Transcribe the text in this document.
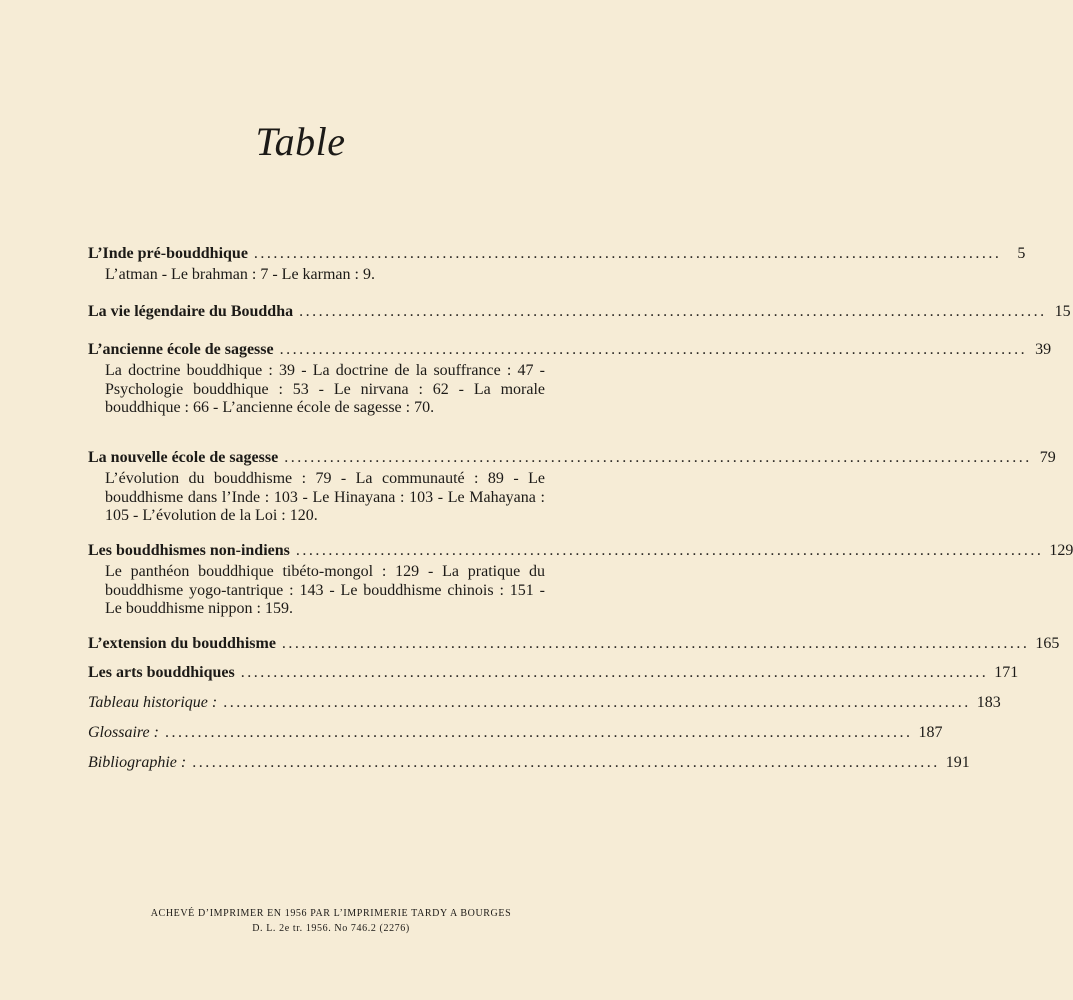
Table
L’Inde pré-bouddhique ...................................................................................................................	5
L’atman - Le brahman : 7 - Le karman : 9.
La vie légendaire du Bouddha ................................................................................................................... 15
L’ancienne école de sagesse ................................................................................................................... 39
La doctrine bouddhique : 39 - La doctrine de la souffrance : 47 - Psychologie bouddhique : 53 - Le nirvana : 62 - La morale bouddhique : 66 - L’ancienne école de sagesse : 70.
La nouvelle école de sagesse ................................................................................................................... 79
L’évolution du bouddhisme : 79 - La communauté : 89 - Le bouddhisme dans l’Inde : 103 - Le Hinayana : 103 - Le Mahayana : 105 - L’évolution de la Loi : 120.
Les bouddhismes non-indiens ................................................................................................................... 129
Le panthéon bouddhique tibéto-mongol : 129 - La pratique du bouddhisme yogo-tantrique : 143 - Le bouddhisme chinois : 151 - Le bouddhisme nippon : 159.
L’extension du bouddhisme ................................................................................................................... 165
Les arts bouddhiques ................................................................................................................... 171
Tableau historique : ................................................................................................................... 183
Glossaire : ................................................................................................................... 187
Bibliographie : ................................................................................................................... 191
ACHEVÉ D’IMPRIMER EN 1956 PAR L’IMPRIMERIE TARDY A BOURGES
D. L. 2e tr. 1956. No 746.2 (2276)
